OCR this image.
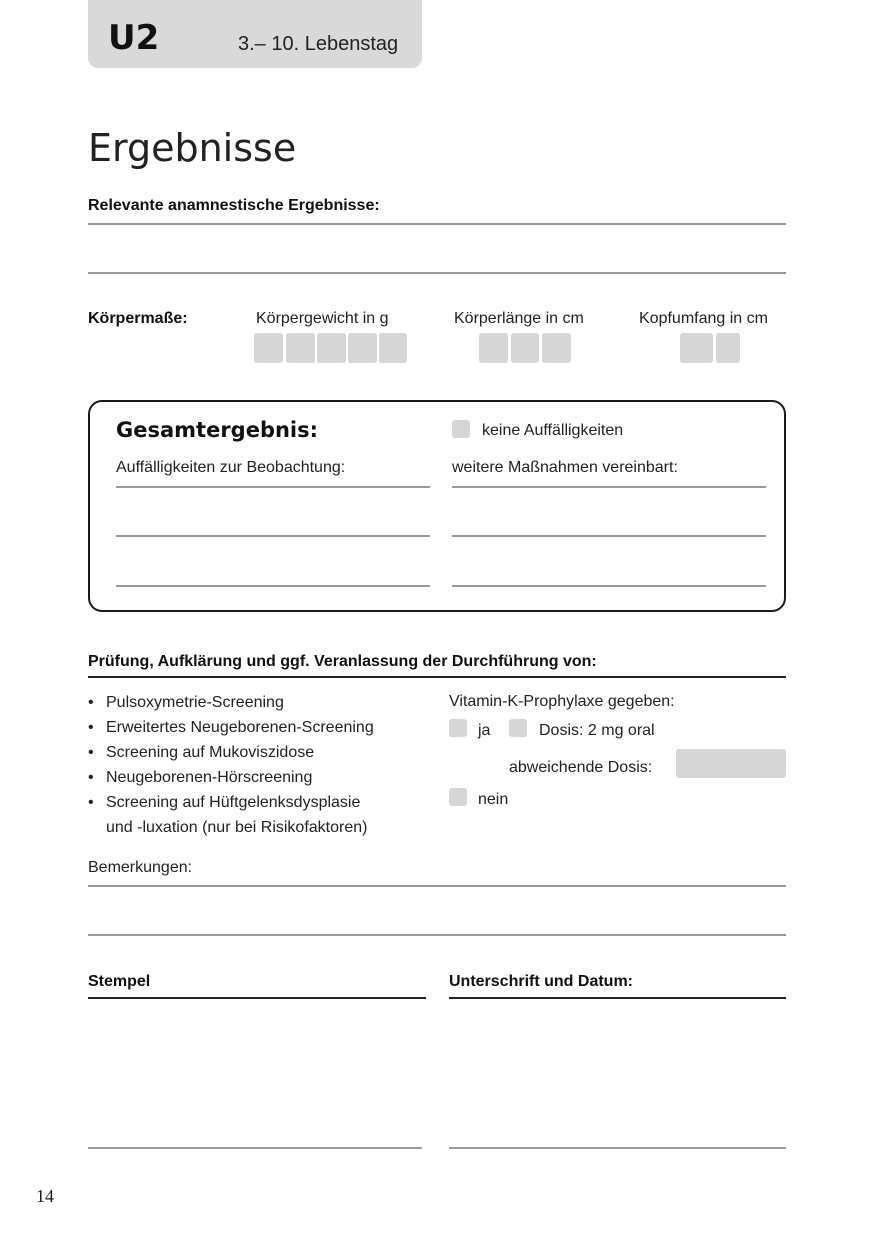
U2	3.– 10. Lebenstag
Ergebnisse
Relevante anamnestische Ergebnisse:
Körpermaße:	Körpergewicht in g	Körperlänge in cm	Kopfumfang in cm
Gesamtergebnis:	keine Auffälligkeiten
Auffälligkeiten zur Beobachtung:	weitere Maßnahmen vereinbart:
Prüfung, Aufklärung und ggf. Veranlassung der Durchführung von:
• Pulsoxymetrie-Screening
• Erweitertes Neugeborenen-Screening
• Screening auf Mukoviszidose
• Neugeborenen-Hörscreening
• Screening auf Hüftgelenksdysplasie
und -luxation (nur bei Risikofaktoren)
Vitamin-K-Prophylaxe gegeben:
ja	Dosis: 2 mg oral
abweichende Dosis:
nein
Bemerkungen:
Stempel	Unterschrift und Datum:
14
